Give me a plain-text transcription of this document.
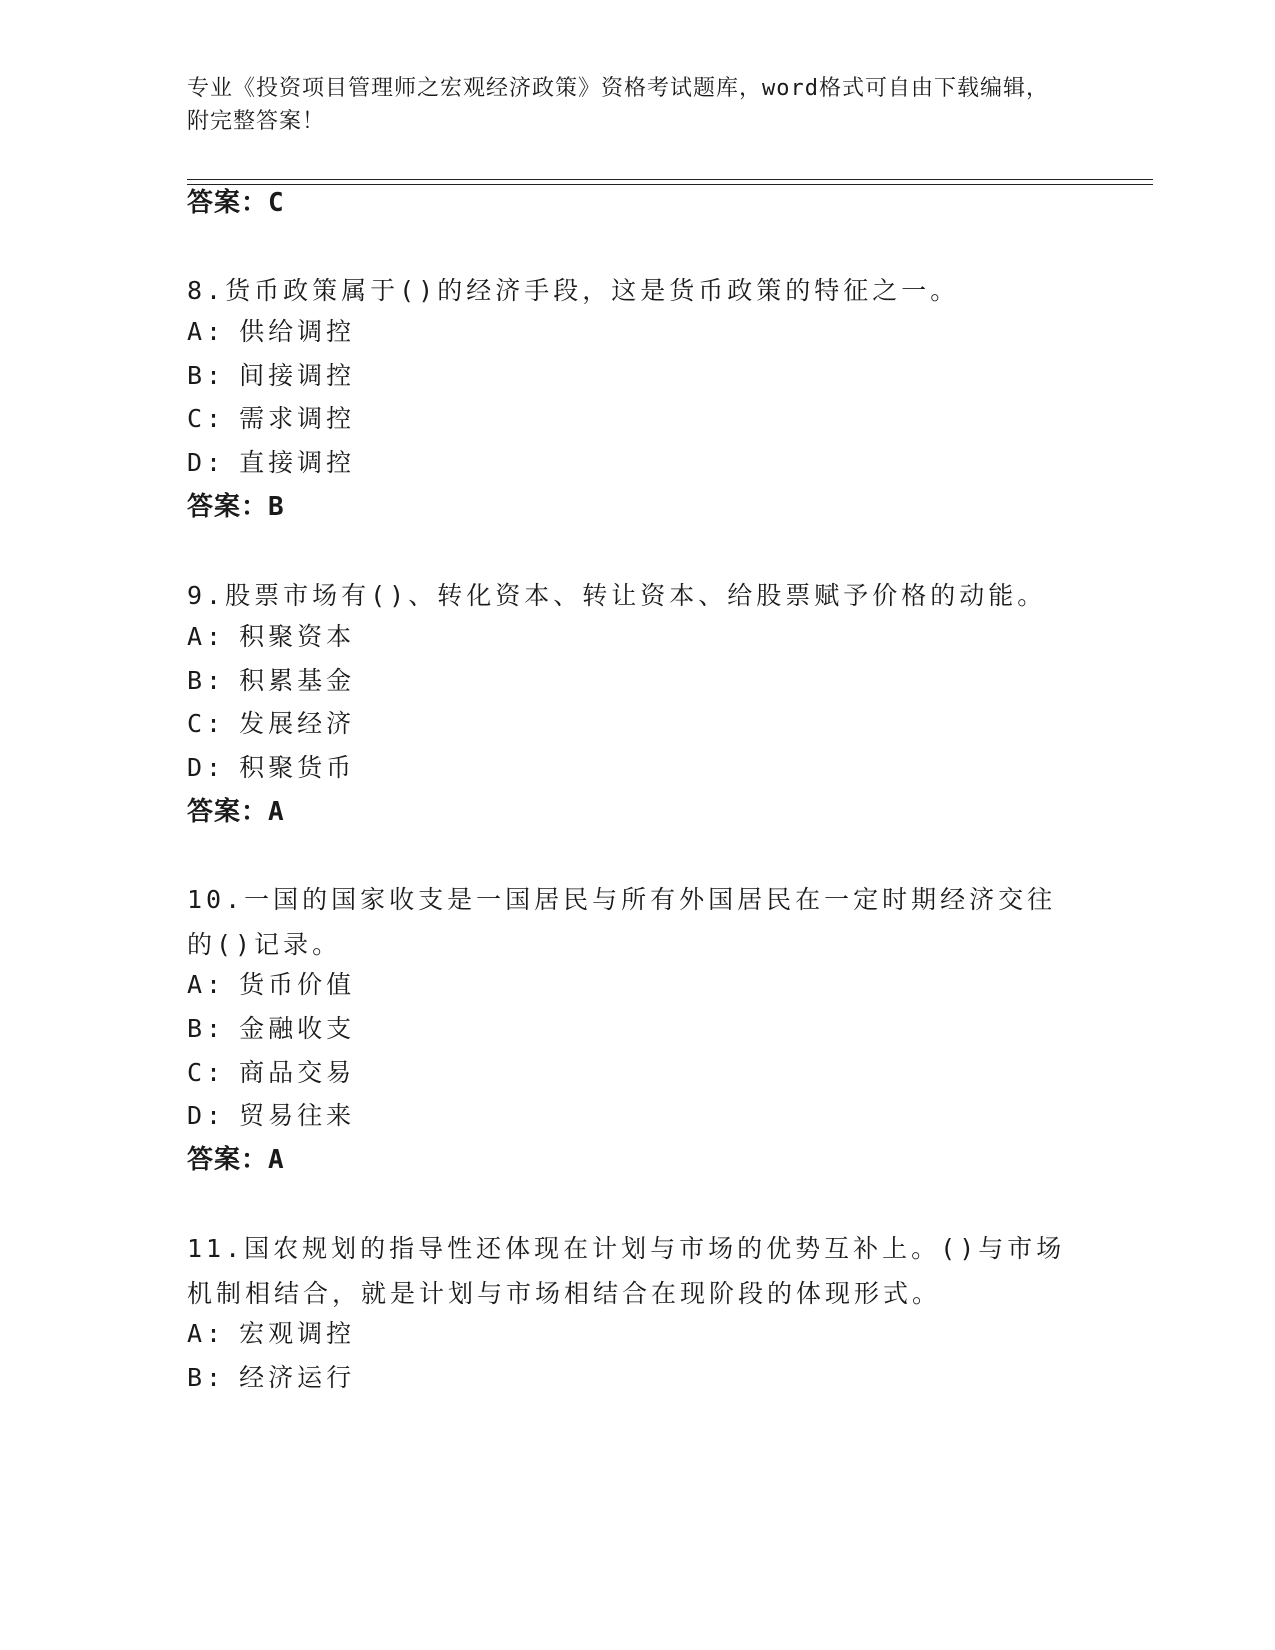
专业《投资项目管理师之宏观经济政策》资格考试题库，word格式可自由下载编辑，附完整答案！
答案：C
8.货币政策属于()的经济手段，这是货币政策的特征之一。
A: 供给调控
B: 间接调控
C: 需求调控
D: 直接调控
答案：B
9.股票市场有()、转化资本、转让资本、给股票赋予价格的动能。
A: 积聚资本
B: 积累基金
C: 发展经济
D: 积聚货币
答案：A
10.一国的国家收支是一国居民与所有外国居民在一定时期经济交往的()记录。
A: 货币价值
B: 金融收支
C: 商品交易
D: 贸易往来
答案：A
11.国农规划的指导性还体现在计划与市场的优势互补上。()与市场机制相结合，就是计划与市场相结合在现阶段的体现形式。
A: 宏观调控
B: 经济运行
